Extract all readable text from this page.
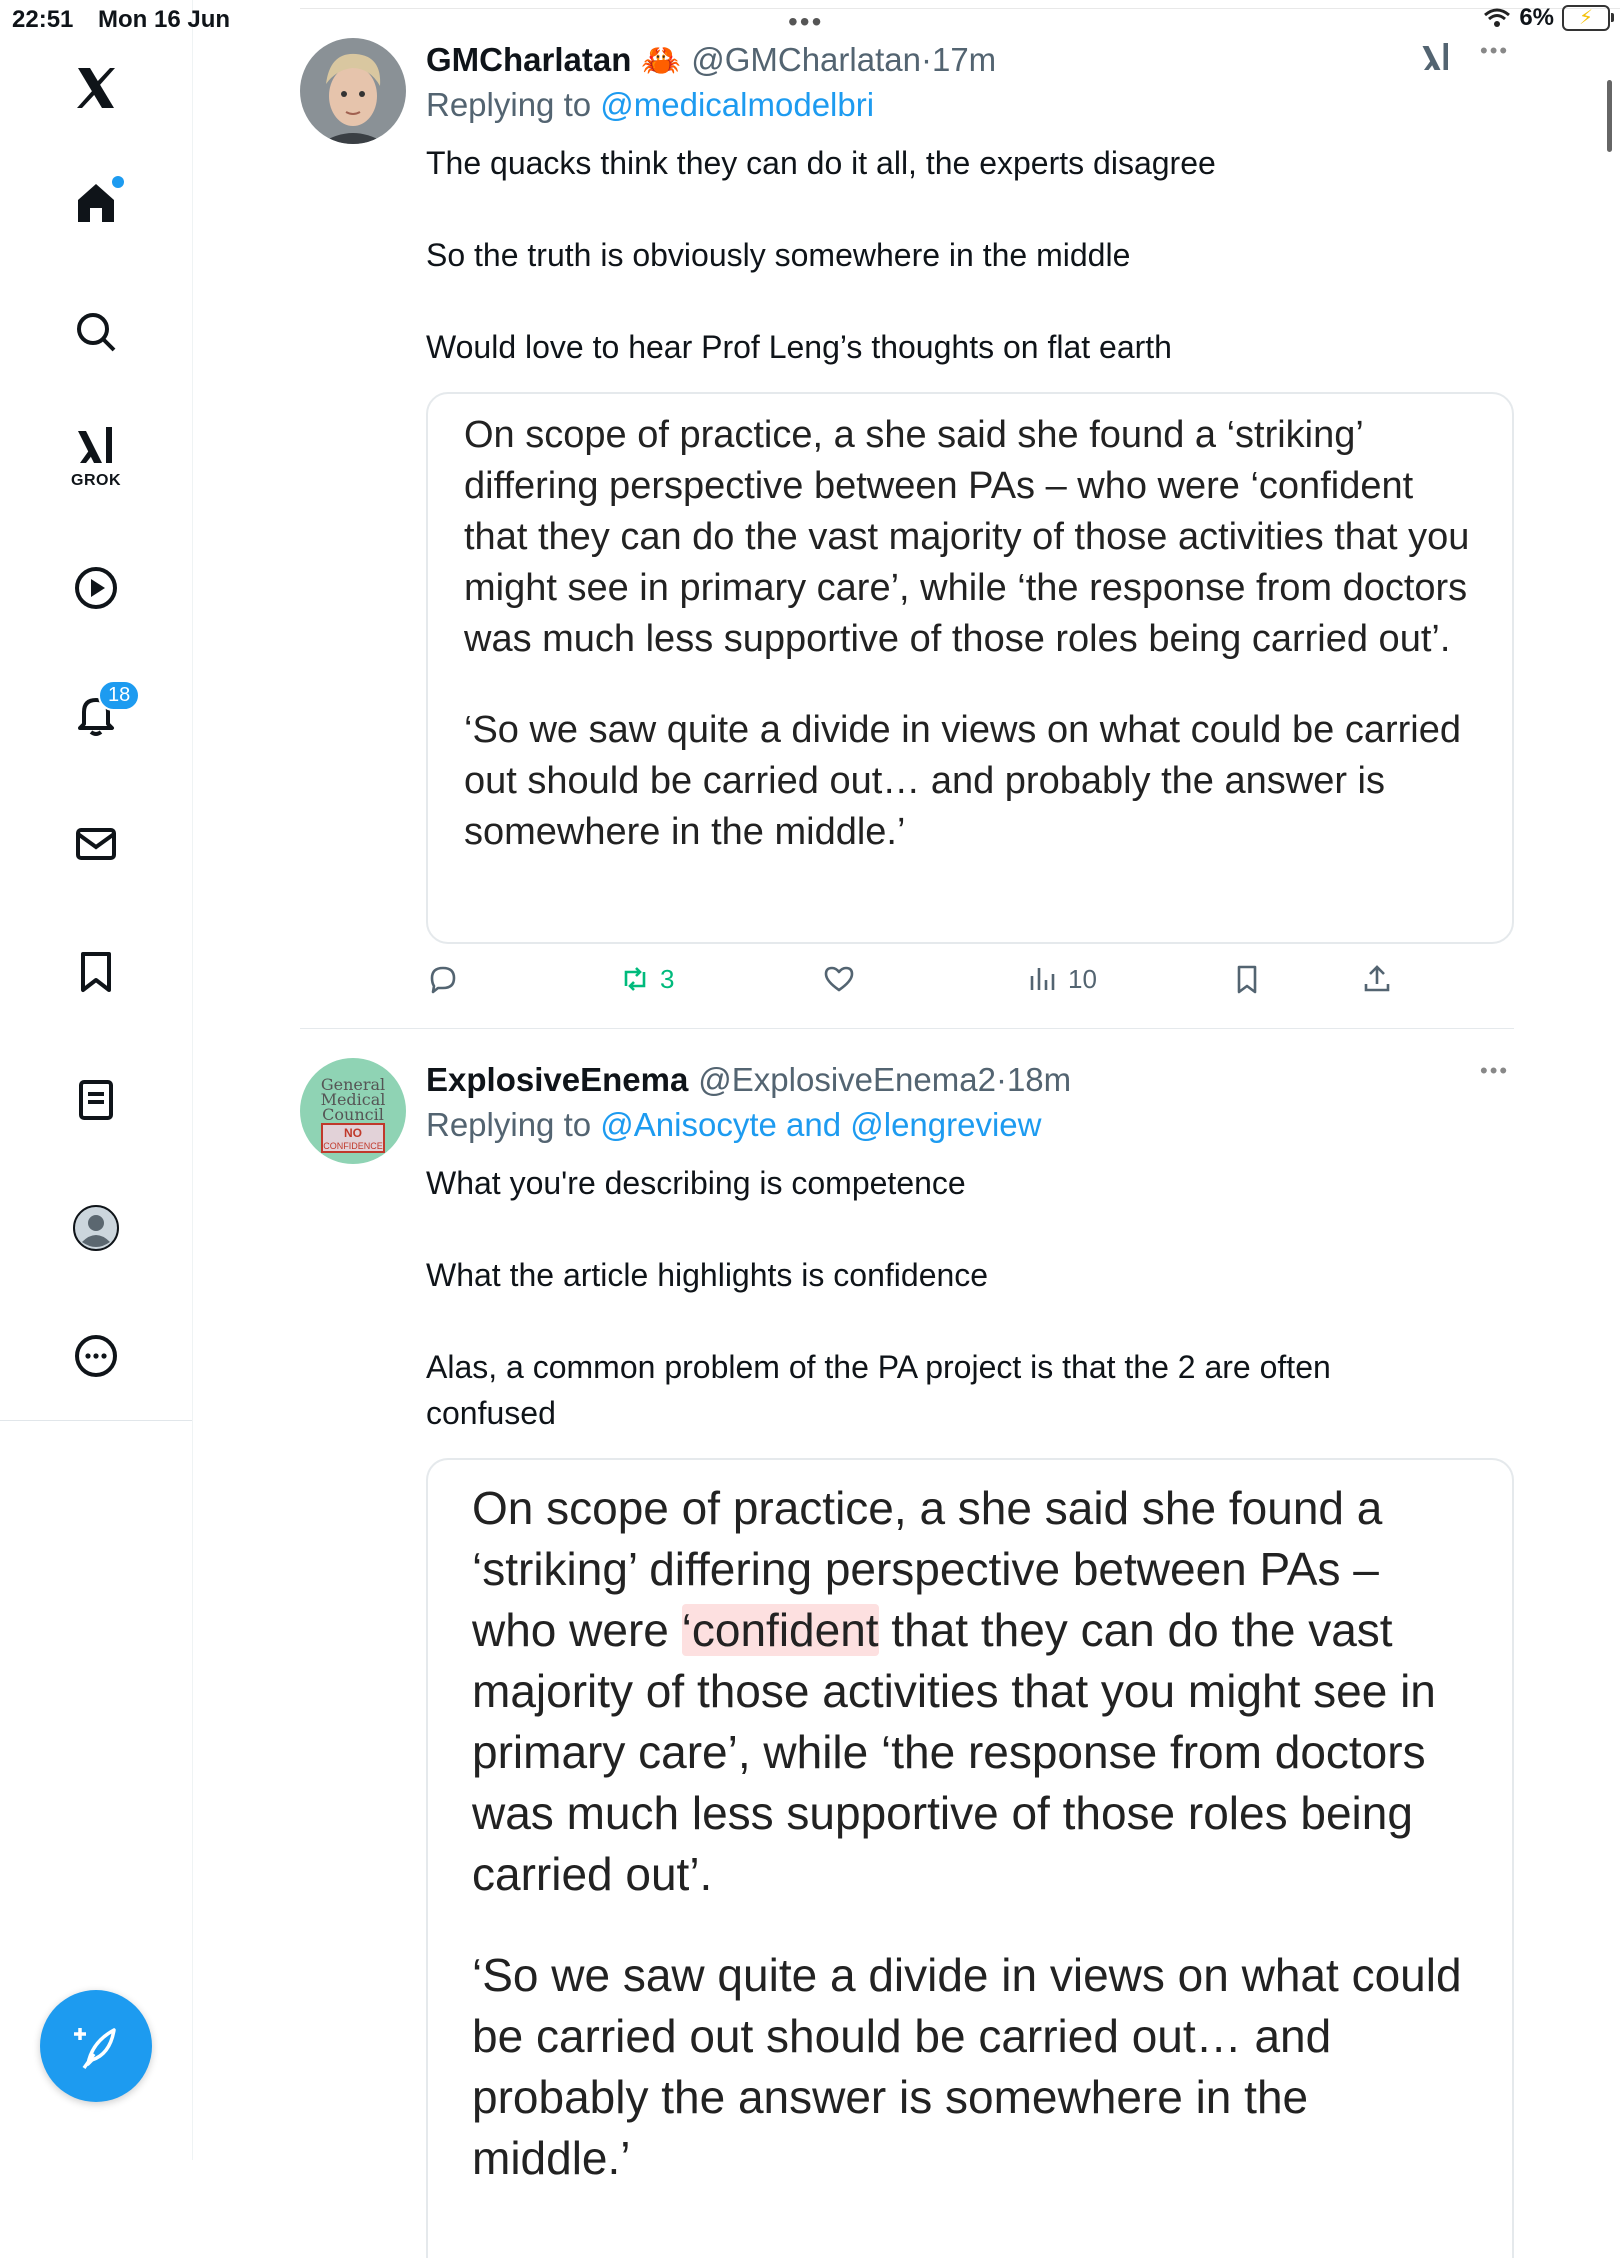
22:51 Mon 16 Jun	•••	6% ⚡
GROK
18
GMCharlatan 🦀 @GMCharlatan · 17m
Replying to @medicalmodelbri

The quacks think they can do it all, the experts disagree

So the truth is obviously somewhere in the middle

Would love to hear Prof Leng’s thoughts on flat earth

On scope of practice, a she said she found a ‘striking’ differing perspective between PAs – who were ‘confident that they can do the vast majority of those activities that you might see in primary care’, while ‘the response from doctors was much less supportive of those roles being carried out’.

‘So we saw quite a divide in views on what could be carried out should be carried out… and probably the answer is somewhere in the middle.’

•••
3	10
General
Medical
Council
NO
CONFIDENCE
ExplosiveEnema @ExplosiveEnema2 · 18m
Replying to @Anisocyte and @lengreview

What you're describing is competence

What the article highlights is confidence

Alas, a common problem of the PA project is that the 2 are often confused

On scope of practice, a she said she found a ‘striking’ differing perspective between PAs – who were ‘confident that they can do the vast majority of those activities that you might see in primary care’, while ‘the response from doctors was much less supportive of those roles being carried out’.

‘So we saw quite a divide in views on what could be carried out should be carried out… and probably the answer is somewhere in the middle.’

•••
